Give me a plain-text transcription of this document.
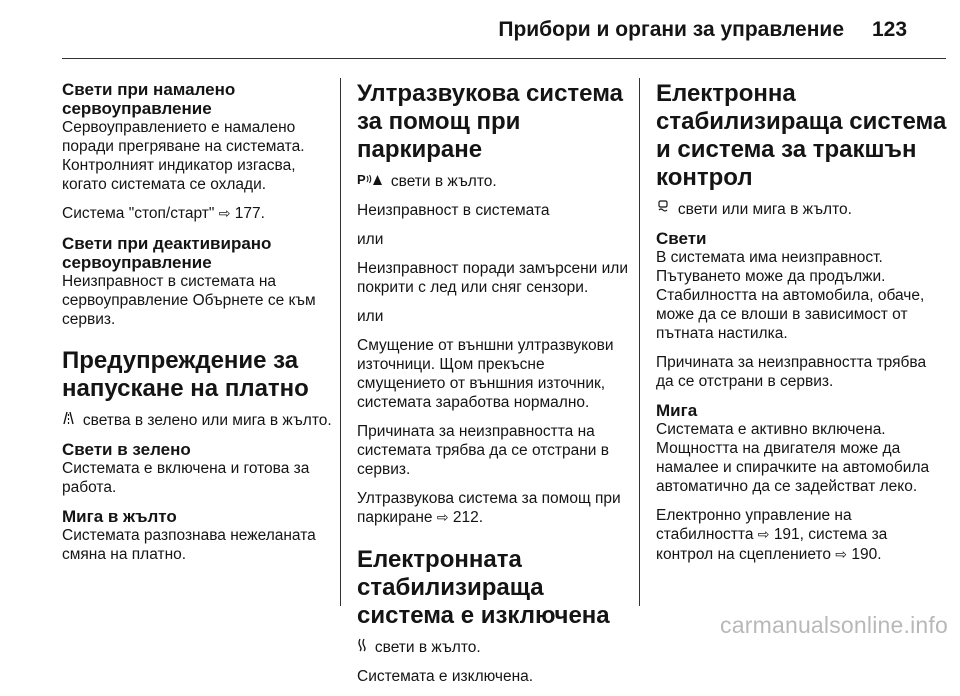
Прибори и органи за управление 123
Свети при намалено сервоуправление

Сервоуправлението е намалено поради прегряване на системата. Контролният индикатор изгасва, когато системата се охлади.

Система "стоп/старт" ⇨ 177.

Свети при деактивирано сервоуправление

Неизправност в системата на сервоуправление Обърнете се към сервиз.

Предупреждение за напускане на платно

светва в зелено или мига в жълто.

Свети в зелено

Системата е включена и готова за работа.

Мига в жълто

Системата разпознава нежеланата смяна на платно.

Ултразвукова система за помощ при паркиране

P свети в жълто.

Неизправност в системата

или

Неизправност поради замърсени или покрити с лед или сняг сензори.

или

Смущение от външни ултразвукови източници. Щом прекъсне смущението от външния източник, системата заработва нормално.

Причината за неизправността на системата трябва да се отстрани в сервиз.

Ултразвукова система за помощ при паркиране ⇨ 212.

Електронната стабилизираща система е изключена

свети в жълто.

Системата е изключена.

Електронна стабилизираща система и система за тракшън контрол

свети или мига в жълто.

Свети

В системата има неизправност. Пътуването може да продължи. Стабилността на автомобила, обаче, може да се влоши в зависимост от пътната настилка.

Причината за неизправността трябва да се отстрани в сервиз.

Мига

Системата е активно включена. Мощността на двигателя може да намалее и спирачките на автомобила автоматично да се задействат леко.

Електронно управление на стабилността ⇨ 191, система за контрол на сцеплението ⇨ 190.

carmanualsonline.info
